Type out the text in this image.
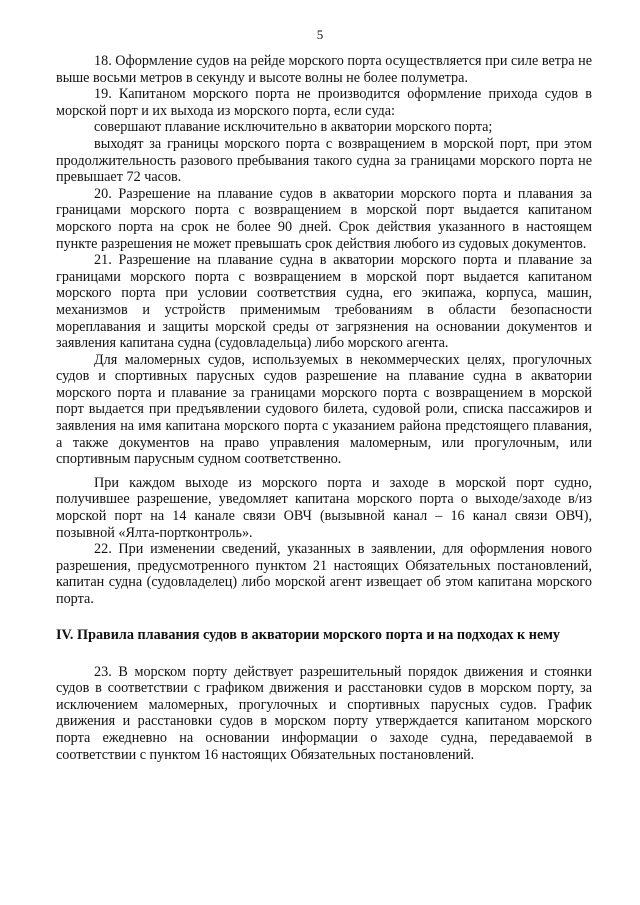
5

18. Оформление судов на рейде морского порта осуществляется при силе ветра не выше восьми метров в секунду и высоте волны не более полуметра.

19. Капитаном морского порта не производится оформление прихода судов в морской порт и их выхода из морского порта, если суда:

совершают плавание исключительно в акватории морского порта;

выходят за границы морского порта с возвращением в морской порт, при этом продолжительность разового пребывания такого судна за границами морского порта не превышает 72 часов.

20. Разрешение на плавание судов в акватории морского порта и плавания за границами морского порта с возвращением в морской порт выдается капитаном морского порта на срок не более 90 дней. Срок действия указанного в настоящем пункте разрешения не может превышать срок действия любого из судовых документов.

21. Разрешение на плавание судна в акватории морского порта и плавание за границами морского порта с возвращением в морской порт выдается капитаном морского порта при условии соответствия судна, его экипажа, корпуса, машин, механизмов и устройств применимым требованиям в области безопасности мореплавания и защиты морской среды от загрязнения на основании документов и заявления капитана судна (судовладельца) либо морского агента.

Для маломерных судов, используемых в некоммерческих целях, прогулочных судов и спортивных парусных судов разрешение на плавание судна в акватории морского порта и плавание за границами морского порта с возвращением в морской порт выдается при предъявлении судового билета, судовой роли, списка пассажиров и заявления на имя капитана морского порта с указанием района предстоящего плавания, а также документов на право управления маломерным, или прогулочным, или спортивным парусным судном соответственно.

При каждом выходе из морского порта и заходе в морской порт судно, получившее разрешение, уведомляет капитана морского порта о выходе/заходе в/из морской порт на 14 канале связи ОВЧ (вызывной канал – 16 канал связи ОВЧ), позывной «Ялта-портконтроль».

22. При изменении сведений, указанных в заявлении, для оформления нового разрешения, предусмотренного пунктом 21 настоящих Обязательных постановлений, капитан судна (судовладелец) либо морской агент извещает об этом капитана морского порта.

IV. Правила плавания судов в акватории морского порта и на подходах к нему

23. В морском порту действует разрешительный порядок движения и стоянки судов в соответствии с графиком движения и расстановки судов в морском порту, за исключением маломерных, прогулочных и спортивных парусных судов. График движения и расстановки судов в морском порту утверждается капитаном морского порта ежедневно на основании информации о заходе судна, передаваемой в соответствии с пунктом 16 настоящих Обязательных постановлений.
